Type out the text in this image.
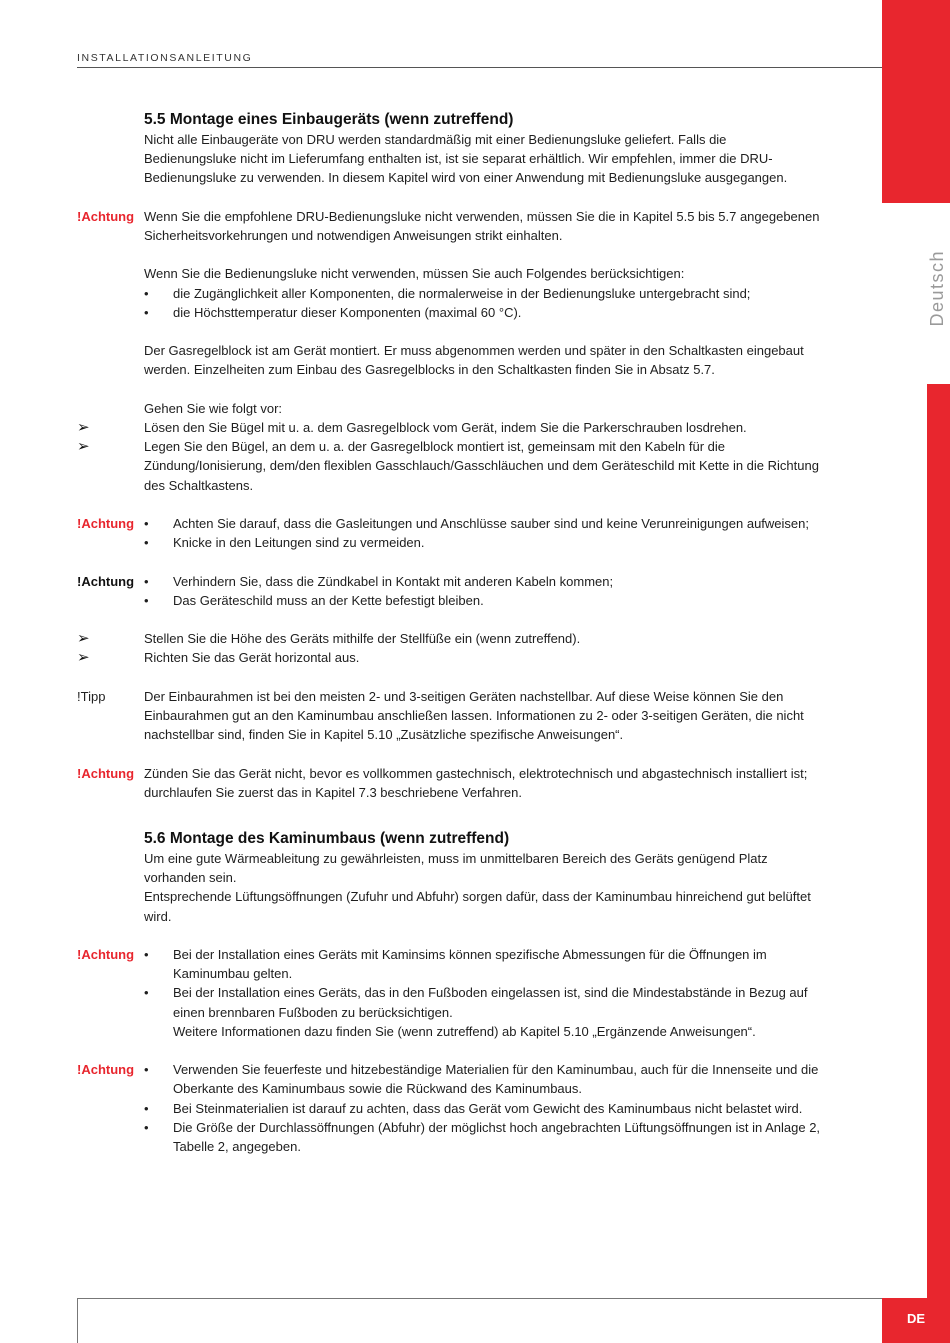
Deutsch
INSTALLATIONSANLEITUNG
5.5 Montage eines Einbaugeräts (wenn zutreffend)
Nicht alle Einbaugeräte von DRU werden standardmäßig mit einer Bedienungsluke geliefert. Falls die Bedienungsluke nicht im Lieferumfang enthalten ist, ist sie separat erhältlich. Wir empfehlen, immer die DRU-Bedienungsluke zu verwenden. In diesem Kapitel wird von einer Anwendung mit Bedienungsluke ausgegangen.
!Achtung Wenn Sie die empfohlene DRU-Bedienungsluke nicht verwenden, müssen Sie die in Kapitel 5.5 bis 5.7 angegebenen Sicherheitsvorkehrungen und notwendigen Anweisungen strikt einhalten.
Wenn Sie die Bedienungsluke nicht verwenden, müssen Sie auch Folgendes berücksichtigen:
•	die Zugänglichkeit aller Komponenten, die normalerweise in der Bedienungsluke untergebracht sind;
•	die Höchsttemperatur dieser Komponenten (maximal 60 °C).
Der Gasregelblock ist am Gerät montiert. Er muss abgenommen werden und später in den Schaltkasten eingebaut werden. Einzelheiten zum Einbau des Gasregelblocks in den Schaltkasten finden Sie in Absatz 5.7.
Gehen Sie wie folgt vor:
➢	Lösen den Sie Bügel mit u. a. dem Gasregelblock vom Gerät, indem Sie die Parkerschrauben losdrehen.
➢	Legen Sie den Bügel, an dem u. a. der Gasregelblock montiert ist, gemeinsam mit den Kabeln für die Zündung/Ionisierung, dem/den flexiblen Gasschlauch/Gasschläuchen und dem Geräteschild mit Kette in die Richtung des Schaltkastens.
!Achtung •	Achten Sie darauf, dass die Gasleitungen und Anschlüsse sauber sind und keine Verunreinigungen aufweisen;
•	Knicke in den Leitungen sind zu vermeiden.
!Achtung •	Verhindern Sie, dass die Zündkabel in Kontakt mit anderen Kabeln kommen;
•	Das Geräteschild muss an der Kette befestigt bleiben.
➢	Stellen Sie die Höhe des Geräts mithilfe der Stellfüße ein (wenn zutreffend).
➢	Richten Sie das Gerät horizontal aus.
!Tipp	Der Einbaurahmen ist bei den meisten 2- und 3-seitigen Geräten nachstellbar. Auf diese Weise können Sie den Einbaurahmen gut an den Kaminumbau anschließen lassen. Informationen zu 2- oder 3-seitigen Geräten, die nicht nachstellbar sind, finden Sie in Kapitel 5.10 „Zusätzliche spezifische Anweisungen“.
!Achtung Zünden Sie das Gerät nicht, bevor es vollkommen gastechnisch, elektrotechnisch und abgastechnisch installiert ist; durchlaufen Sie zuerst das in Kapitel 7.3 beschriebene Verfahren.
5.6 Montage des Kaminumbaus (wenn zutreffend)
Um eine gute Wärmeableitung zu gewährleisten, muss im unmittelbaren Bereich des Geräts genügend Platz vorhanden sein.
Entsprechende Lüftungsöffnungen (Zufuhr und Abfuhr) sorgen dafür, dass der Kaminumbau hinreichend gut belüftet wird.
!Achtung •	Bei der Installation eines Geräts mit Kaminsims können spezifische Abmessungen für die Öffnungen im Kaminumbau gelten.
•	Bei der Installation eines Geräts, das in den Fußboden eingelassen ist, sind die Mindestabstände in Bezug auf einen brennbaren Fußboden zu berücksichtigen.
Weitere Informationen dazu finden Sie (wenn zutreffend) ab Kapitel 5.10 „Ergänzende Anweisungen“.
!Achtung •	Verwenden Sie feuerfeste und hitzebeständige Materialien für den Kaminumbau, auch für die Innenseite und die Oberkante des Kaminumbaus sowie die Rückwand des Kaminumbaus.
•	Bei Steinmaterialien ist darauf zu achten, dass das Gerät vom Gewicht des Kaminumbaus nicht belastet wird.
•	Die Größe der Durchlassöffnungen (Abfuhr) der möglichst hoch angebrachten Lüftungsöffnungen ist in Anlage 2, Tabelle 2, angegeben.
DE
